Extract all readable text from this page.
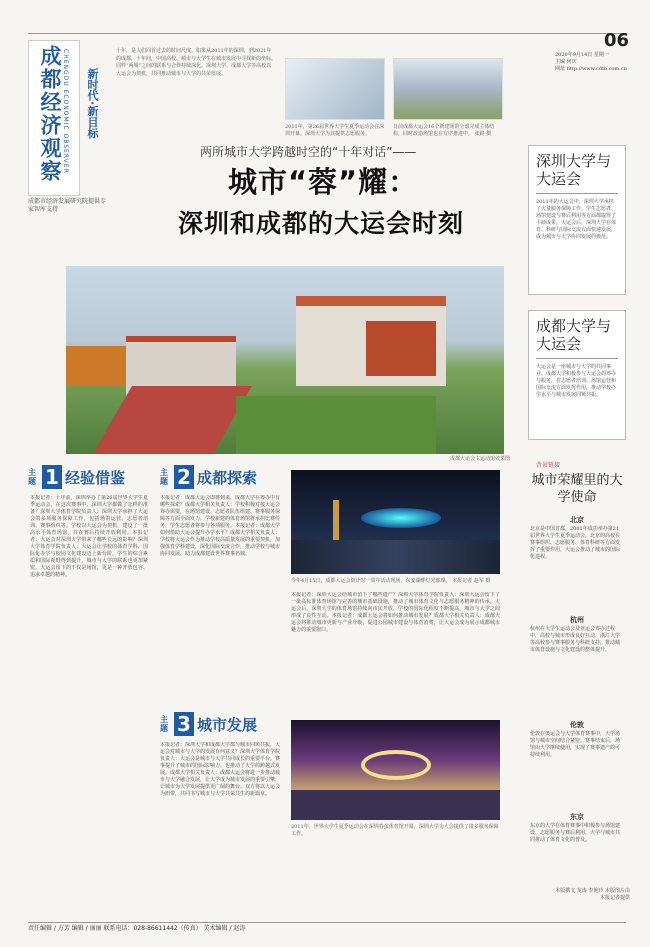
成都经济观察 CHENGDU ECONOMIC OBSERVER 新时代·新目标
成都市经济发展研究院提供专家智库支持
十年，是人们回首过去的时间尺度。如果从2011年的深圳，到2021年的成都，十年间，中国高校、城市与大学生在城市发展中寻找新的坐标。同样“两城”之间的联系与合作持续深化。深圳大学、成都大学等高校以大运会为契机，共同推动城市与大学的共荣发展。
2011年，第26届世界大学生夏季运动会在深圳开幕。深圳大学为其提供志愿服务。
日前成都大运会16个新建场馆全部完成主体结构，同时改造场馆也在有序推进中。 张路 摄
06
2020年9月14日 星期一
主编 何庆
网址 http://www.cdtb.com.cn
两所城市大学跨越时空的“十年对话”——
城市“蓉”耀：
深圳和成都的大运会时刻
成都大运会主运动馆效果图
深圳大学与大运会

2011年的大运会中，深圳大学承担了大量服务保障工作，学生志愿者、场馆建设与赛后利用等方面都取得了丰硕成果。大运会后，深圳大学在体育、科研与国际交流方面快速发展，成为城市与大学协同发展的典范。

成都大学与大运会

大运会是一座城市与大学的共同事业。成都大学积极参与大运会的筹办与服务，在志愿者培训、场馆运营和国际交流方面发挥作用，推动学校办学水平与城市发展同频共振。

背景链接
城市荣耀里的大学使命
北京
北京是中国首都，2001年成功举办第21届世界大学生夏季运动会。北京的高校在赛事组织、志愿服务、体育科研等方面发挥了重要作用，大运会推动了城市的国际化进程。
杭州
杭州在大学生运动会及亚运会筹办过程中，高校与城市形成良好互动，浙江大学等高校参与赛事服务与科研支持，推动城市体育设施与文化建设的整体提升。
伦敦
伦敦在奥运会与大学体育赛事中，大学场馆与城市空间结合紧密。赛事结束后，场馆由大学继续使用，实现了赛事遗产的可持续利用。
东京
东京的大学在体育赛事中积极参与场馆建设、志愿服务与赛后利用，大学与城市共同推动了体育文化的普及。
本版撰文 龙涛 李艳玲 本版图片由本报记者提供
主题 1 经验借鉴
本报记者：十年前，深圳举办了第26届世界大学生夏季运动会。在这次赛事中，深圳大学都做了怎样的准备？深圳大学体育学院负责人：深圳大学承担了大运会的多项服务保障工作，包括场馆运营、志愿者培训、赛事组织等。学校以大运会为契机，建设了一批高水平体育场馆，并在赛后持续开放利用。本报记者：大运会对深圳大学带来了哪些长远的影响？深圳大学体育学院负责人：大运会让学校的体育学科、国际化办学与校园文化建设迈上新台阶，学生的综合素质和国际视野得到提升，城市与大学的联系也更加紧密。大运会留下的不仅是场馆，更是一种开放包容、追求卓越的精神。
主题 2 成都探索
本报记者：成都大运会即将到来，成都大学在筹办中有哪些探索？成都大学相关负责人：学校积极对接大运会筹办需要，在场馆建设、志愿者队伍组建、赛事服务保障等方面全面发力。学校新建的体育场馆将承担比赛任务，学生志愿者将参与各项服务。本报记者：成都大学如何借助大运会提升办学水平？成都大学相关负责人：学校将大运会作为推动学校高质量发展的重要契机，加强体育学科建设，深化国际交流合作，推动学校与城市协同发展，助力成都建设世界赛事名城。
今年4月15日，成都大运会倒计时一周年活动现场，东安湖畔灯光璀璨。 本报记者 赵军 摄
本报记者：深圳大运会给城市留下了哪些遗产？深圳大学体育学院负责人：深圳大运会留下了一批高标准体育场馆与完善的城市基础设施，推动了城市体育文化与志愿服务精神的传承。大运会后，深圳大学的体育场馆持续向市民开放，学校的国际化程度不断提高，城市与大学之间形成了良性互动。本报记者：成都大运会将如何推动城市发展？成都大学相关负责人：成都大运会将推动城市更新与产业升级，促进公园城市建设与体育消费，让大运会成为展示成都城市魅力的重要窗口。
主题 3 城市发展
本报记者：深圳大学和成都大学都与城市同频共振，大运会对城市与大学的发展有何意义？深圳大学体育学院负责人：大运会是城市与大学共同成长的重要平台。赛事提升了城市的国际影响力，也推动了大学的跨越式发展。成都大学相关负责人：成都大运会将进一步推动城市与大学融合发展，让大学成为城市发展的重要引擎，让城市为大学发展提供更广阔的舞台。双方将以大运会为纽带，共同书写城市与大学共荣共生的新篇章。
2011年，世界大学生夏季运动会在深圳春茧体育馆开幕，深圳大学为大会提供了诸多服务保障工作。
责任编辑 / 方芳 编辑 / 丽丽 联系电话：028-86611442（传真） 美术编辑 / 赵涛
